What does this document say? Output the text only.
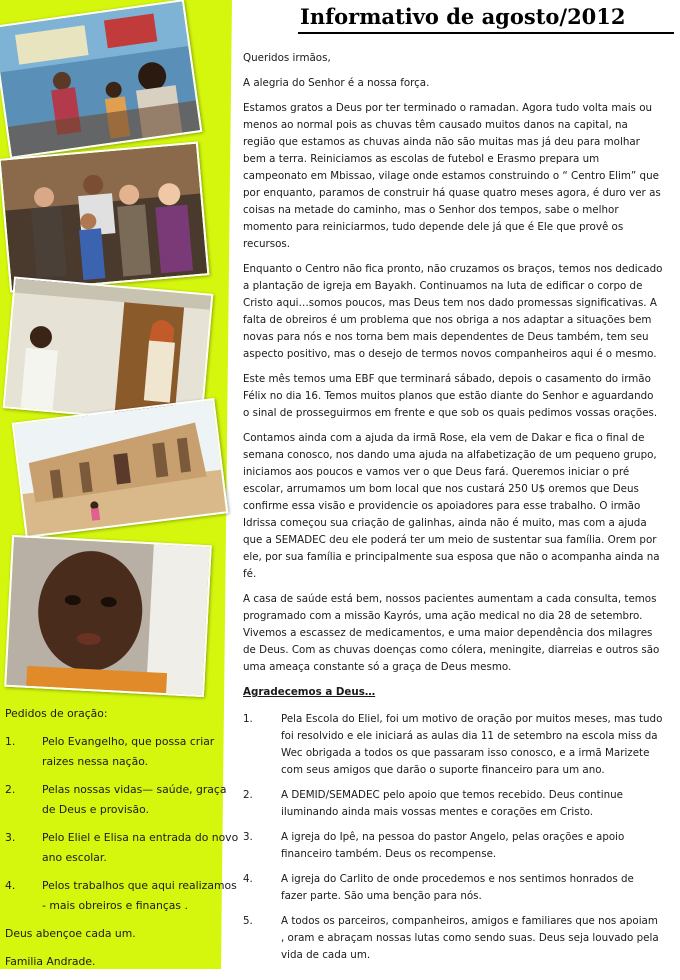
Informativo de agosto/2012

Queridos irmãos,

A alegria do Senhor é a nossa força.

Estamos gratos a Deus por ter terminado o ramadan. Agora tudo volta mais ou menos ao normal pois as chuvas têm causado muitos danos na capital, na região que estamos as chuvas ainda não são muitas mas já deu para molhar bem a terra. Reiniciamos as escolas de futebol e Erasmo prepara um campeonato em Mbissao, vilage onde estamos construindo o “ Centro Elim” que por enquanto, paramos de construir há quase quatro meses agora, é duro ver as coisas na metade do caminho, mas o Senhor dos tempos, sabe o melhor momento para reiniciarmos, tudo depende dele já que é Ele que provê os recursos.

Enquanto o Centro não fica pronto, não cruzamos os braços, temos nos dedicado a plantação de igreja em Bayakh. Continuamos na luta de edificar o corpo de Cristo aqui…somos poucos, mas Deus tem nos dado promessas significativas. A falta de obreiros é um problema que nos obriga a nos adaptar a situações bem novas para nós e nos torna bem mais dependentes de Deus também, tem seu aspecto positivo, mas o desejo de termos novos companheiros aqui é o mesmo.

Este mês temos uma EBF que terminará sábado, depois o casamento do irmão Félix no dia 16. Temos muitos planos que estão diante do Senhor e aguardando o sinal de prosseguirmos em frente e que sob os quais pedimos vossas orações.

Contamos ainda com a ajuda da irmã Rose, ela vem de Dakar e fica o final de semana conosco, nos dando uma ajuda na alfabetização de um pequeno grupo, iniciamos aos poucos e vamos ver o que Deus fará. Queremos iniciar o pré escolar, arrumamos um bom local que nos custará 250 U$ oremos que Deus confirme essa visão e providencie os apoiadores para esse trabalho. O irmão Idrissa começou sua criação de galinhas, ainda não é muito, mas com a ajuda que a SEMADEC deu ele poderá ter um meio de sustentar sua família. Orem por ele, por sua família e principalmente sua esposa que não o acompanha ainda na fé.

A casa de saúde está bem, nossos pacientes aumentam a cada consulta, temos programado com a missão Kayrós, uma ação medical no dia 28 de setembro. Vivemos a escassez de medicamentos, e uma maior dependência dos milagres de Deus. Com as chuvas doenças como cólera, meningite, diarreias e outros são uma ameaça constante só a graça de Deus mesmo.

Agradecemos a Deus…
1.	Pela Escola do Eliel, foi um motivo de oração por muitos meses, mas tudo foi resolvido e ele iniciará as aulas dia 11 de setembro na escola miss da Wec obrigada a todos os que passaram isso conosco, e a irmã Marizete com seus amigos que darão o suporte financeiro para um ano.
2.	A DEMID/SEMADEC pelo apoio que temos recebido. Deus continue iluminando ainda mais vossas mentes e corações em Cristo.
3.	A igreja do Ipê, na pessoa do pastor Angelo, pelas orações e apoio financeiro também. Deus os recompense.
4.	A igreja do Carlito de onde procedemos e nos sentimos honrados de fazer parte. São uma benção para nós.
5.	A todos os parceiros, companheiros, amigos e familiares que nos apoiam , oram e abraçam nossas lutas como sendo suas. Deus seja louvado pela vida de cada um.
Pedidos de oração:
1.	Pelo Evangelho, que possa criar raizes nessa nação.
2.	Pelas nossas vidas— saúde, graça de Deus e provisão.
3.	Pelo Eliel e Elisa na entrada do novo ano escolar.
4.	Pelos trabalhos que aqui realizamos - mais obreiros e finanças .
Deus abençoe cada um.
Familia Andrade.
